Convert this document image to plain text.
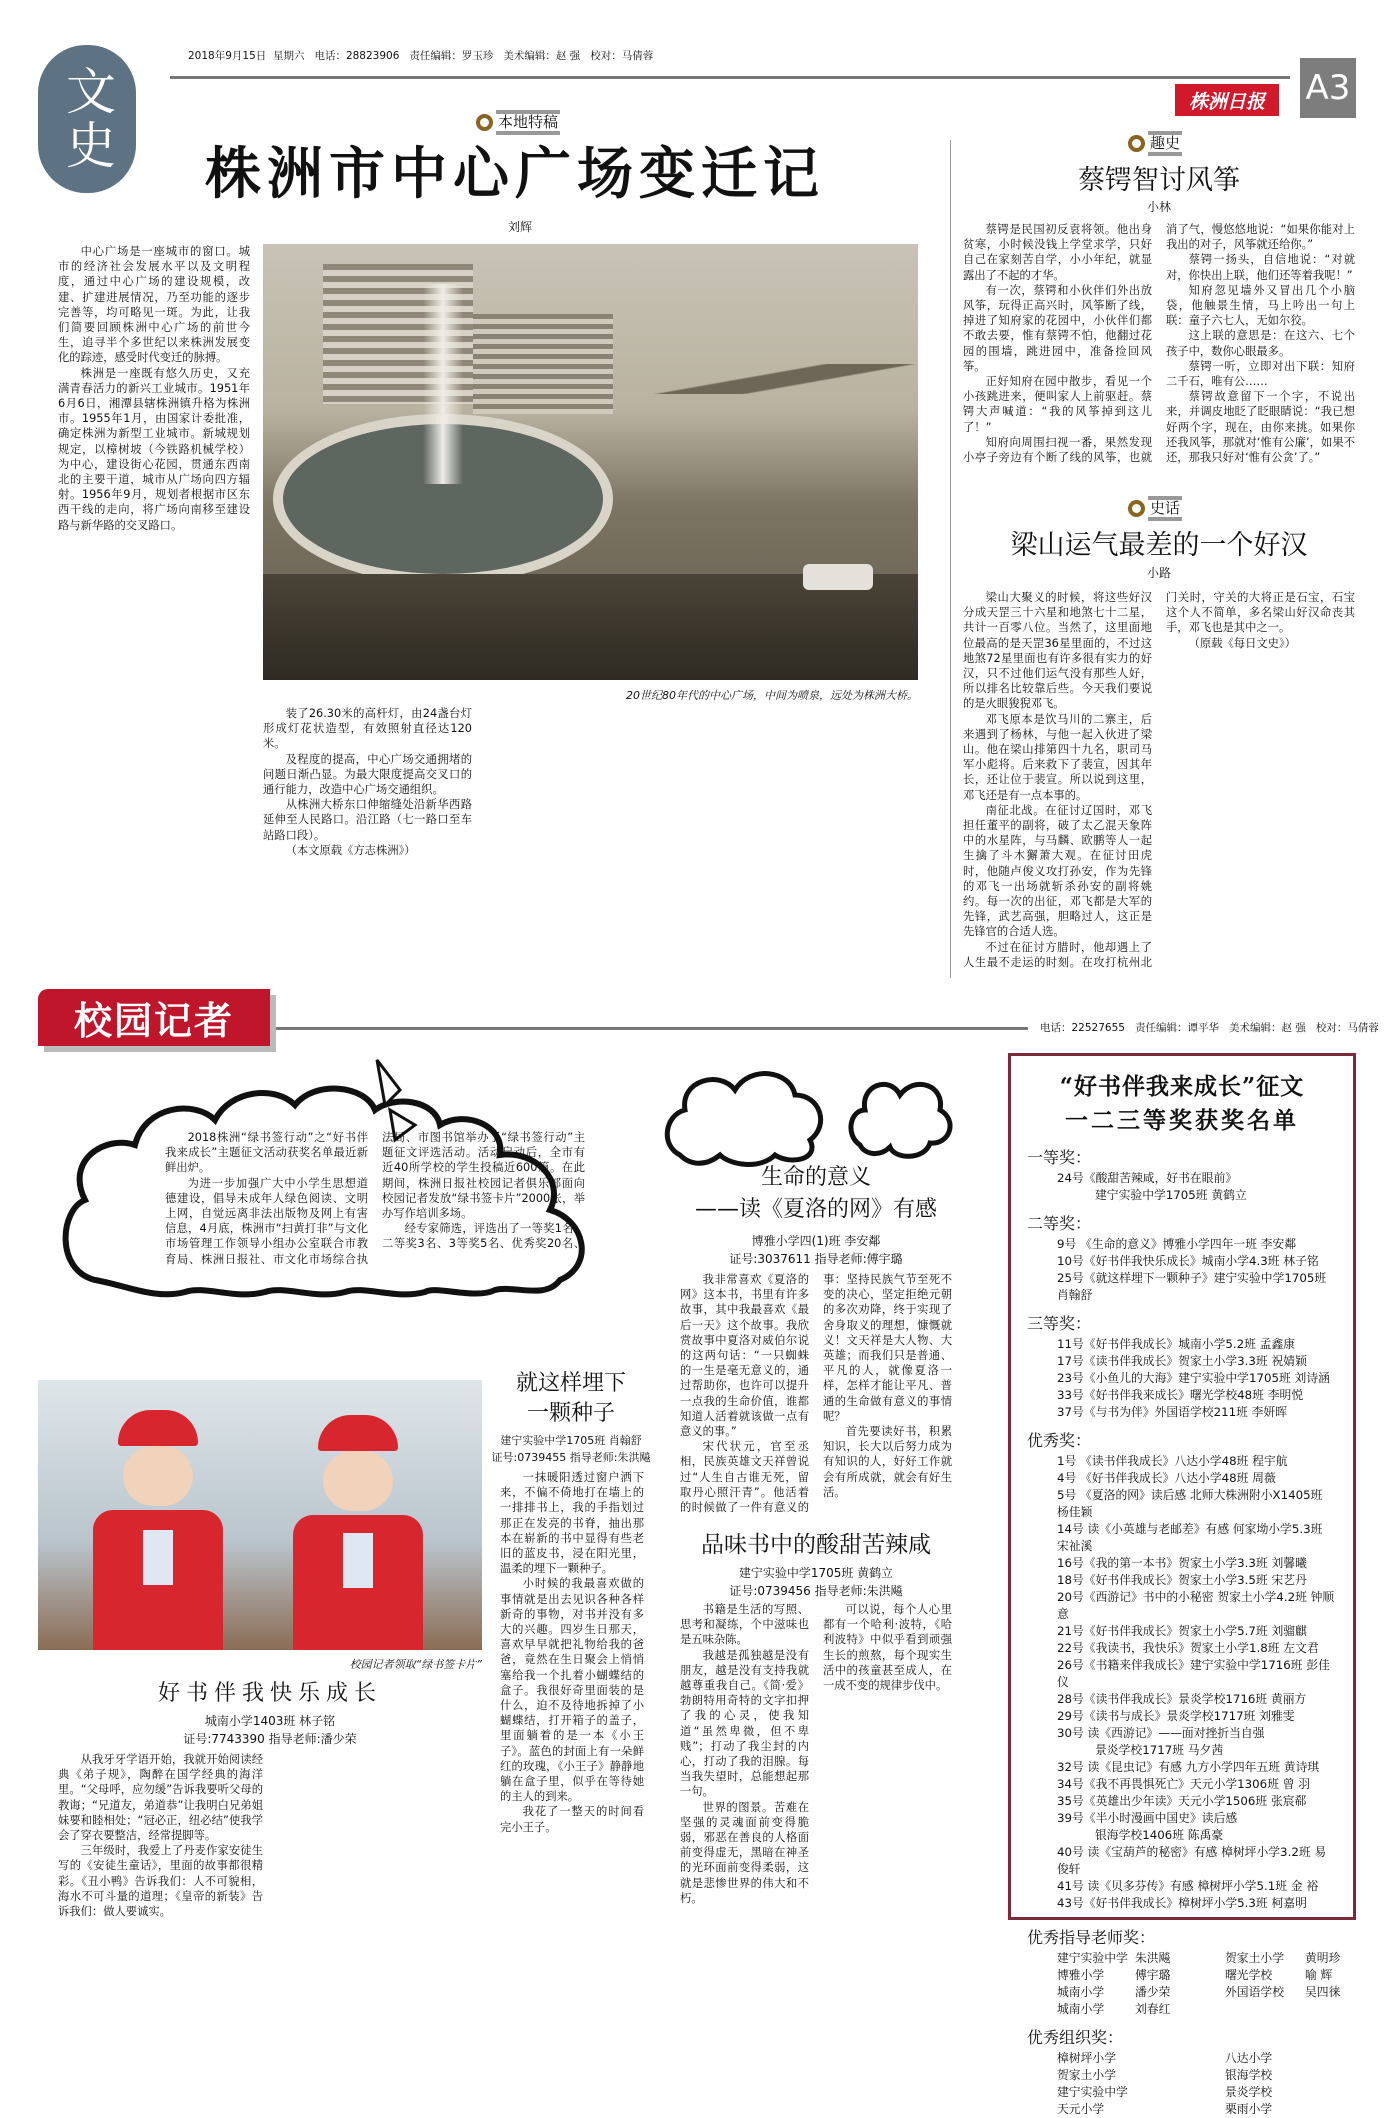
文史
2018年9月15日  星期六   电话：28823906   责任编辑：罗玉珍   美术编辑：赵 强   校对：马倩蓉
A3
株洲日报
本地特稿
株洲市中心广场变迁记
刘辉

中心广场是一座城市的窗口。城市的经济社会发展水平以及文明程度，通过中心广场的建设规模，改建、扩建进展情况，乃至功能的逐步完善等，均可略见一斑。为此，让我们简要回顾株洲中心广场的前世今生，追寻半个多世纪以来株洲发展变化的踪迹，感受时代变迁的脉搏。

株洲是一座既有悠久历史，又充满青春活力的新兴工业城市。1951年6月6日，湘潭县辖株洲镇升格为株洲市。1955年1月，由国家计委批准，确定株洲为新型工业城市。新城规划规定，以樟树坡（今铁路机械学校）为中心，建设街心花园，贯通东西南北的主要干道，城市从广场向四方辐射。1956年9月，规划者根据市区东西干线的走向，将广场向南移至建设路与新华路的交叉路口。

20世纪80年代的中心广场，中间为喷泉，远处为株洲大桥。

装了26.30米的高杆灯，由24盏台灯形成灯花状造型，有效照射直径达120米。

及程度的提高，中心广场交通拥堵的问题日渐凸显。为最大限度提高交叉口的通行能力，改造中心广场交通组织。

从株洲大桥东口伸缩缝处沿新华西路延伸至人民路口。沿江路（七一路口至车站路口段）。

（本文原载《方志株洲》）

趣史
蔡锷智讨风筝
小林

蔡锷是民国初反袁将领。他出身贫寒，小时候没钱上学堂求学，只好自己在家刻苦自学，小小年纪，就显露出了不起的才华。

有一次，蔡锷和小伙伴们外出放风筝，玩得正高兴时，风筝断了线，掉进了知府家的花园中，小伙伴们都不敢去要，惟有蔡锷不怕，他翻过花园的围墙，跳进园中，准备捡回风筝。

正好知府在园中散步，看见一个小孩跳进来，便叫家人上前驱赶。蔡锷大声喊道：“我的风筝掉到这儿了！”

知府向周围扫视一番，果然发现小亭子旁边有个断了线的风筝，也就消了气，慢悠悠地说：“如果你能对上我出的对子，风筝就还给你。”

蔡锷一扬头，自信地说：“对就对，你快出上联，他们还等着我呢！”

知府忽见墙外又冒出几个小脑袋，他触景生情，马上吟出一句上联：童子六七人，无如尔狡。

这上联的意思是：在这六、七个孩子中，数你心眼最多。

蔡锷一听，立即对出下联：知府二千石，唯有公……

蔡锷故意留下一个字，不说出来，并调皮地眨了眨眼睛说：“我已想好两个字，现在，由你来挑。如果你还我风筝，那就对‘惟有公廉’，如果不还，那我只好对‘惟有公贪’了。”

史话
梁山运气最差的一个好汉
小路

梁山大聚义的时候，将这些好汉分成天罡三十六星和地煞七十二星，共计一百零八位。当然了，这里面地位最高的是天罡36星里面的，不过这地煞72星里面也有许多很有实力的好汉，只不过他们运气没有那些人好，所以排名比较靠后些。今天我们要说的是火眼狻猊邓飞。

邓飞原本是饮马川的二寨主，后来遇到了杨林，与他一起入伙进了梁山。他在梁山排第四十九名，职司马军小彪将。后来救下了裴宣，因其年长，还让位于裴宣。所以说到这里，邓飞还是有一点本事的。

南征北战。在征讨辽国时，邓飞担任董平的副将，破了太乙混天象阵中的水星阵，与马麟、欧鹏等人一起生擒了斗木獬萧大观。在征讨田虎时，他随卢俊义攻打孙安，作为先锋的邓飞一出场就斩杀孙安的副将姚约。每一次的出征，邓飞都是大军的先锋，武艺高强，胆略过人，这正是先锋官的合适人选。

不过在征讨方腊时，他却遇上了人生最不走运的时刻。在攻打杭州北门关时，守关的大将正是石宝，石宝这个人不简单，多名梁山好汉命丧其手，邓飞也是其中之一。

（原载《每日文史》）

校园记者	电话：22527655   责任编辑：谭平华   美术编辑：赵 强   校对：马倩蓉

2018株洲“绿书签行动”之“好书伴我来成长”主题征文活动获奖名单最近新鲜出炉。

为进一步加强广大中小学生思想道德建设，倡导未成年人绿色阅读、文明上网，自觉远离非法出版物及网上有害信息，4月底，株洲市“扫黄打非”与文化市场管理工作领导小组办公室联合市教育局、株洲日报社、市文化市场综合执法局、市图书馆举办了“绿书签行动”主题征文评选活动。活动启动后，全市有近40所学校的学生投稿近600篇。在此期间，株洲日报社校园记者俱乐部面向校园记者发放“绿书签卡片”2000张，举办写作培训多场。

经专家筛选，评选出了一等奖1名、二等奖3名、3等奖5名、优秀奖20名、

生命的意义
——读《夏洛的网》有感
博雅小学四(1)班 李安鄰
证号:3037611 指导老师:傅宇璐

我非常喜欢《夏洛的网》这本书，书里有许多故事，其中我最喜欢《最后一天》这个故事。我欣赏故事中夏洛对威伯尔说的这两句话：“一只蜘蛛的一生是毫无意义的，通过帮助你，也许可以提升一点我的生命价值，谁都知道人活着就该做一点有意义的事。”

宋代状元，官至丞相，民族英雄文天祥曾说过“人生自古谁无死，留取丹心照汗青”。他活着的时候做了一件有意义的事：坚持民族气节至死不变的决心，坚定拒绝元朝的多次劝降，终于实现了舍身取义的理想，慷慨就义！文天祥是大人物、大英雄；而我们只是普通、平凡的人，就像夏洛一样，怎样才能让平凡、普通的生命做有意义的事情呢？

首先要读好书，积累知识，长大以后努力成为有知识的人，好好工作就会有所成就，就会有好生活。

校园记者领取“绿书签卡片”
就这样埋下
一颗种子
建宁实验中学1705班 肖翰舒
证号:0739455 指导老师:朱洪飚

一抹暖阳透过窗户洒下来，不偏不倚地打在墙上的一排排书上，我的手指划过那正在发亮的书脊，抽出那本在崭新的书中显得有些老旧的蓝皮书，浸在阳光里，温柔的埋下一颗种子。

小时候的我最喜欢做的事情就是出去见识各种各样新奇的事物，对书并没有多大的兴趣。四岁生日那天，喜欢早早就把礼物给我的爸爸，竟然在生日聚会上悄悄塞给我一个扎着小蝴蝶结的盒子。我很好奇里面装的是什么，迫不及待地拆掉了小蝴蝶结，打开箱子的盖子，里面躺着的是一本《小王子》。蓝色的封面上有一朵鲜红的玫瑰，《小王子》静静地躺在盒子里，似乎在等待她的主人的到来。

我花了一整天的时间看完小王子。

品味书中的酸甜苦辣咸
建宁实验中学1705班 黄鹤立
证号:0739456 指导老师:朱洪飚

书籍是生活的写照、思考和凝练，个中滋味也是五味杂陈。

我越是孤独越是没有朋友，越是没有支持我就越尊重我自己。《简·爱》勃朗特用奇特的文字扣押了我的心灵，使我知道“虽然卑微，但不卑贱”；打动了我尘封的内心，打动了我的泪腺。每当我失望时，总能想起那一句。

世界的图景。苦难在坚强的灵魂面前变得脆弱，邪恶在善良的人格面前变得虚无，黑暗在神圣的光环面前变得柔弱，这就是悲惨世界的伟大和不朽。

可以说，每个人心里都有一个哈利·波特，《哈利波特》中似乎看到顽强生长的煎熬，每个现实生活中的孩童甚至成人，在一成不变的规律步伐中。

好书伴我快乐成长
城南小学1403班 林子铭
证号:7743390 指导老师:潘少荣

从我牙牙学语开始，我就开始阅读经典《弟子规》，陶醉在国学经典的海洋里。“父母呼，应勿缓”告诉我要听父母的教诲；“兄道友，弟道恭”让我明白兄弟姐妹要和睦相处；“冠必正，纽必结”使我学会了穿衣要整洁，经常提脚等。

三年级时，我爱上了丹麦作家安徒生写的《安徒生童话》，里面的故事都很精彩。《丑小鸭》告诉我们：人不可貌相，海水不可斗量的道理；《皇帝的新装》告诉我们：做人要诚实。

“好书伴我来成长”征文
一二三等奖获奖名单
一等奖：
24号《酸甜苦辣咸，好书在眼前》
建宁实验中学1705班 黄鹤立
二等奖：
9号 《生命的意义》博雅小学四年一班 李安鄰
10号《好书伴我快乐成长》城南小学4.3班 林子铭
25号《就这样埋下一颗种子》建宁实验中学1705班 肖翰舒
三等奖：
11号《好书伴我成长》城南小学5.2班 孟鑫康
17号《读书伴我成长》贺家土小学3.3班 祝婧颖
23号《小鱼儿的大海》建宁实验中学1705班 刘诗涵
33号《好书伴我来成长》曙光学校48班 李明悦
37号《与书为伴》外国语学校211班 李妍晖
优秀奖：
1号 《读书伴我成长》八达小学48班 程宇航
4号 《好书伴我成长》八达小学48班 周薇
5号 《夏洛的网》读后感 北师大株洲附小X1405班 杨佳颖
14号 读《小英雄与老邮差》有感 何家坳小学5.3班 宋祉溪
16号《我的第一本书》贺家土小学3.3班 刘馨曦
18号《好书伴我成长》贺家土小学3.5班 宋艺丹
20号《西游记》书中的小秘密 贺家土小学4.2班 钟顺意
21号《好书伴我成长》贺家土小学5.7班 刘骝麒
22号《我读书，我快乐》贺家土小学1.8班 左文君
26号《书籍来伴我成长》建宁实验中学1716班 彭佳仪
28号《读书伴我成长》景炎学校1716班 黄丽方
29号《读书与成长》景炎学校1717班 刘雅雯
30号 读《西游记》——面对挫折当自强
景炎学校1717班 马夕茜
32号 读《昆虫记》有感 九方小学四年五班 黄诗琪
34号《我不再畏惧死亡》天元小学1306班 曾 羽
35号《英雄出少年读》天元小学1506班 张宸郗
39号《半小时漫画中国史》读后感
银海学校1406班 陈禹豪
40号 读《宝葫芦的秘密》有感 樟树坪小学3.2班 易俊轩
41号 读《贝多芬传》有感 樟树坪小学5.1班 金 裕
43号《好书伴我成长》樟树坪小学5.3班 柯嘉明
优秀指导老师奖：
建宁实验中学 朱洪飚	贺家土小学	黄明珍
博雅小学	傅宇璐	曙光学校	喻 辉
城南小学	潘少荣	外国语学校	吴四徕
城南小学	刘春红
优秀组织奖：
樟树坪小学	八达小学
贺家土小学	银海学校
建宁实验中学	景炎学校
天元小学	栗雨小学
